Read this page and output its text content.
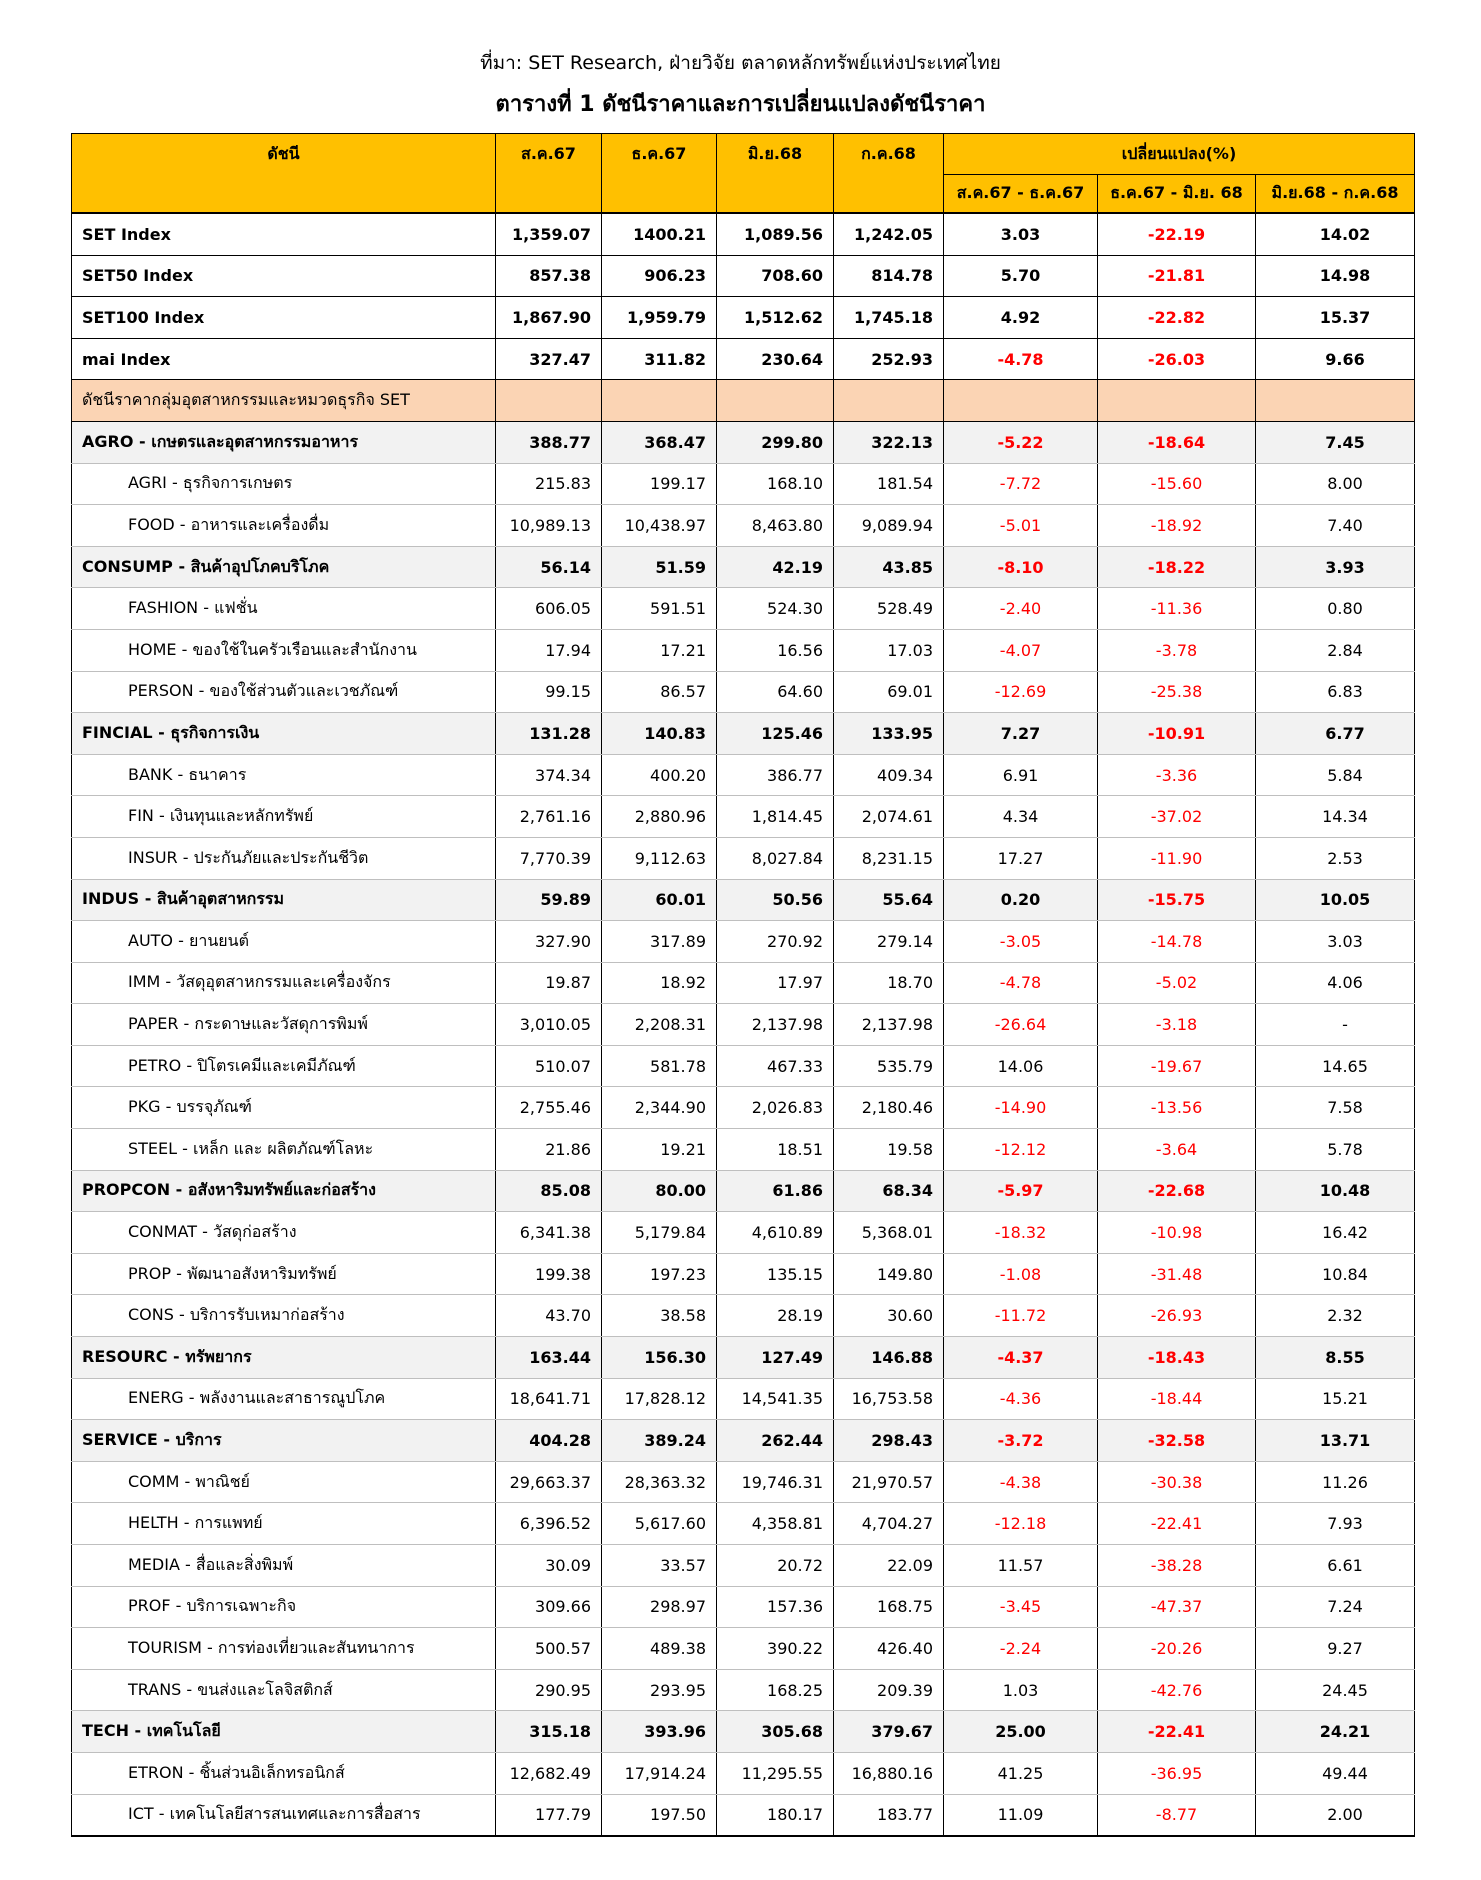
ที่มา: SET Research, ฝ่ายวิจัย ตลาดหลักทรัพย์แห่งประเทศไทย
ตารางที่ 1 ดัชนีราคาและการเปลี่ยนแปลงดัชนีราคา
ดัชนี	ส.ค.67	ธ.ค.67	มิ.ย.68	ก.ค.68	เปลี่ยนแปลง(%)		
					ส.ค.67 - ธ.ค.67	ธ.ค.67 - มิ.ย. 68	มิ.ย.68 - ก.ค.68
SET Index	1,359.07	1400.21	1,089.56	1,242.05	3.03	-22.19	14.02
SET50 Index	857.38	906.23	708.60	814.78	5.70	-21.81	14.98
SET100 Index	1,867.90	1,959.79	1,512.62	1,745.18	4.92	-22.82	15.37
mai Index	327.47	311.82	230.64	252.93	-4.78	-26.03	9.66
ดัชนีราคากลุ่มอุตสาหกรรมและหมวดธุรกิจ SET							
AGRO - เกษตรและอุตสาหกรรมอาหาร	388.77	368.47	299.80	322.13	-5.22	-18.64	7.45
AGRI - ธุรกิจการเกษตร	215.83	199.17	168.10	181.54	-7.72	-15.60	8.00
FOOD - อาหารและเครื่องดื่ม	10,989.13	10,438.97	8,463.80	9,089.94	-5.01	-18.92	7.40
CONSUMP - สินค้าอุปโภคบริโภค	56.14	51.59	42.19	43.85	-8.10	-18.22	3.93
FASHION - แฟชั่น	606.05	591.51	524.30	528.49	-2.40	-11.36	0.80
HOME - ของใช้ในครัวเรือนและสำนักงาน	17.94	17.21	16.56	17.03	-4.07	-3.78	2.84
PERSON - ของใช้ส่วนตัวและเวชภัณฑ์	99.15	86.57	64.60	69.01	-12.69	-25.38	6.83
FINCIAL - ธุรกิจการเงิน	131.28	140.83	125.46	133.95	7.27	-10.91	6.77
BANK - ธนาคาร	374.34	400.20	386.77	409.34	6.91	-3.36	5.84
FIN - เงินทุนและหลักทรัพย์	2,761.16	2,880.96	1,814.45	2,074.61	4.34	-37.02	14.34
INSUR - ประกันภัยและประกันชีวิต	7,770.39	9,112.63	8,027.84	8,231.15	17.27	-11.90	2.53
INDUS - สินค้าอุตสาหกรรม	59.89	60.01	50.56	55.64	0.20	-15.75	10.05
AUTO - ยานยนต์	327.90	317.89	270.92	279.14	-3.05	-14.78	3.03
IMM - วัสดุอุตสาหกรรมและเครื่องจักร	19.87	18.92	17.97	18.70	-4.78	-5.02	4.06
PAPER - กระดาษและวัสดุการพิมพ์	3,010.05	2,208.31	2,137.98	2,137.98	-26.64	-3.18	-
PETRO - ปิโตรเคมีและเคมีภัณฑ์	510.07	581.78	467.33	535.79	14.06	-19.67	14.65
PKG - บรรจุภัณฑ์	2,755.46	2,344.90	2,026.83	2,180.46	-14.90	-13.56	7.58
STEEL - เหล็ก และ ผลิตภัณฑ์โลหะ	21.86	19.21	18.51	19.58	-12.12	-3.64	5.78
PROPCON - อสังหาริมทรัพย์และก่อสร้าง	85.08	80.00	61.86	68.34	-5.97	-22.68	10.48
CONMAT - วัสดุก่อสร้าง	6,341.38	5,179.84	4,610.89	5,368.01	-18.32	-10.98	16.42
PROP - พัฒนาอสังหาริมทรัพย์	199.38	197.23	135.15	149.80	-1.08	-31.48	10.84
CONS - บริการรับเหมาก่อสร้าง	43.70	38.58	28.19	30.60	-11.72	-26.93	2.32
RESOURC - ทรัพยากร	163.44	156.30	127.49	146.88	-4.37	-18.43	8.55
ENERG - พลังงานและสาธารณูปโภค	18,641.71	17,828.12	14,541.35	16,753.58	-4.36	-18.44	15.21
SERVICE - บริการ	404.28	389.24	262.44	298.43	-3.72	-32.58	13.71
COMM - พาณิชย์	29,663.37	28,363.32	19,746.31	21,970.57	-4.38	-30.38	11.26
HELTH - การแพทย์	6,396.52	5,617.60	4,358.81	4,704.27	-12.18	-22.41	7.93
MEDIA - สื่อและสิ่งพิมพ์	30.09	33.57	20.72	22.09	11.57	-38.28	6.61
PROF - บริการเฉพาะกิจ	309.66	298.97	157.36	168.75	-3.45	-47.37	7.24
TOURISM - การท่องเที่ยวและสันทนาการ	500.57	489.38	390.22	426.40	-2.24	-20.26	9.27
TRANS - ขนส่งและโลจิสติกส์	290.95	293.95	168.25	209.39	1.03	-42.76	24.45
TECH - เทคโนโลยี	315.18	393.96	305.68	379.67	25.00	-22.41	24.21
ETRON - ชิ้นส่วนอิเล็กทรอนิกส์	12,682.49	17,914.24	11,295.55	16,880.16	41.25	-36.95	49.44
ICT - เทคโนโลยีสารสนเทศและการสื่อสาร	177.79	197.50	180.17	183.77	11.09	-8.77	2.00
